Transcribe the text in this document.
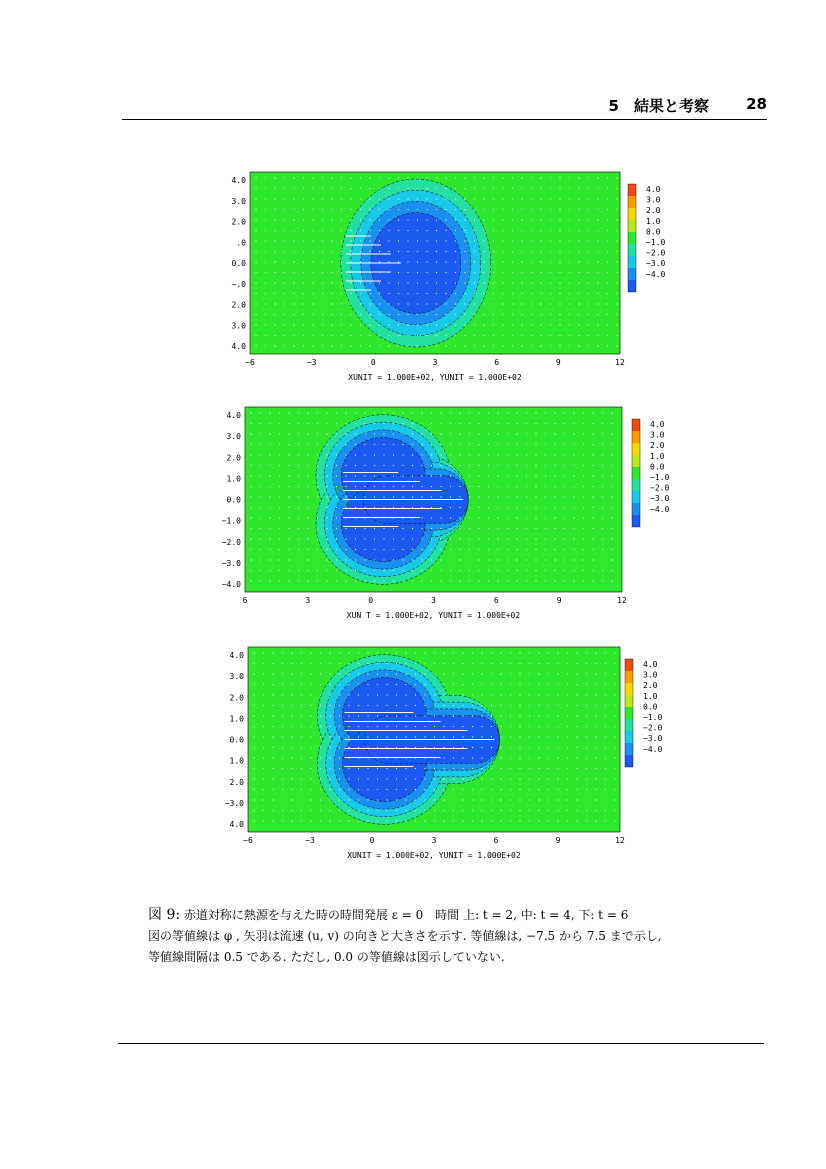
5　結果と考察 28
4.0
3.0
2.0
.0
0.0
−.0
2.0
3.0
4.0
−6	−3	0	3	6	9	12
XUNIT = 1.000E+02, YUNIT = 1.000E+02
4.0
3.0
2.0
1.0
0.0
−1.0
−2.0
−3.0
−4.0
4.0
3.0
2.0
1.0
0.0
−1.0
−2.0
−3.0
−4.0
6	3	0	3	6	9	12
XUN T = 1.000E+02, YUNIT = 1.000E+02
4.0
3.0
2.0
1.0
0.0
−1.0
−2.0
−3.0
−4.0
4.0
3.0
2.0
1.0
0.0
1.0
2.0
−3.0
4.0
−6	−3	0	3	6	9	12
XUNIT = 1.000E+02, YUNIT = 1.000E+02
4.0
3.0
2.0
1.0
0.0
−1.0
−2.0
−3.0
−4.0
図 9: 赤道対称に熱源を与えた時の時間発展 ε = 0　時間 上: t = 2, 中: t = 4, 下: t = 6
図の等値線は φ , 矢羽は流速 (u, v) の向きと大きさを示す. 等値線は, −7.5 から 7.5 まで示し,
等値線間隔は 0.5 である. ただし, 0.0 の等値線は図示していない.
